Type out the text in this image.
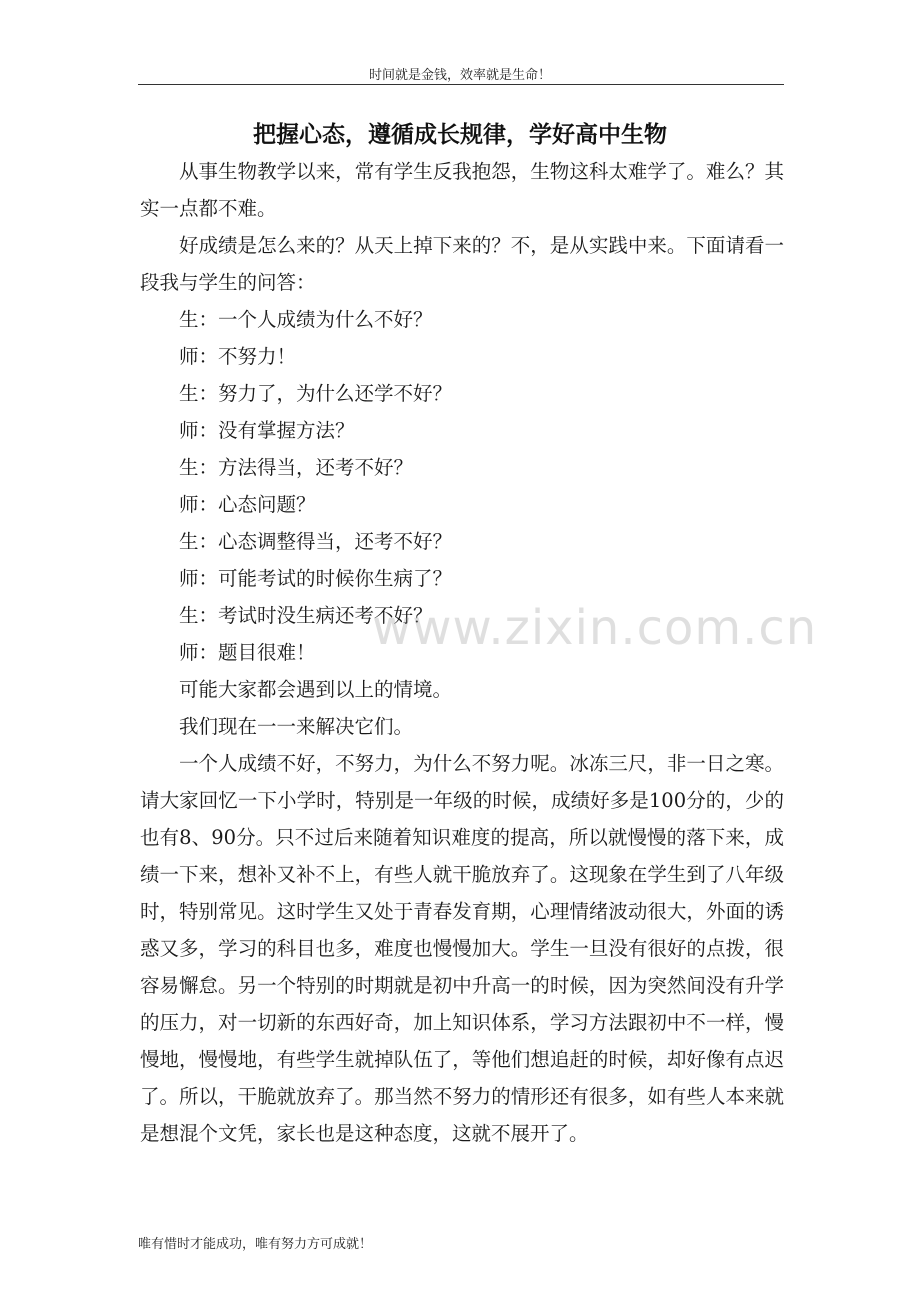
时间就是金钱，效率就是生命！
把握心态，遵循成长规律，学好高中生物

从事生物教学以来，常有学生反我抱怨，生物这科太难学了。难么？其实一点都不难。

好成绩是怎么来的？从天上掉下来的？不，是从实践中来。下面请看一段我与学生的问答：

生：一个人成绩为什么不好？

师：不努力！

生：努力了，为什么还学不好？

师：没有掌握方法？

生：方法得当，还考不好？

师：心态问题？

生：心态调整得当，还考不好？

师：可能考试的时候你生病了？

生：考试时没生病还考不好？

师：题目很难！

可能大家都会遇到以上的情境。

我们现在一一来解决它们。

一个人成绩不好，不努力，为什么不努力呢。冰冻三尺，非一日之寒。请大家回忆一下小学时，特别是一年级的时候，成绩好多是100分的，少的也有8、90分。只不过后来随着知识难度的提高，所以就慢慢的落下来，成绩一下来，想补又补不上，有些人就干脆放弃了。这现象在学生到了八年级时，特别常见。这时学生又处于青春发育期，心理情绪波动很大，外面的诱惑又多，学习的科目也多，难度也慢慢加大。学生一旦没有很好的点拨，很容易懈怠。另一个特别的时期就是初中升高一的时候，因为突然间没有升学的压力，对一切新的东西好奇，加上知识体系，学习方法跟初中不一样，慢慢地，慢慢地，有些学生就掉队伍了，等他们想追赶的时候，却好像有点迟了。所以，干脆就放弃了。那当然不努力的情形还有很多，如有些人本来就是想混个文凭，家长也是这种态度，这就不展开了。

www.zixin.com.cn
唯有惜时才能成功，唯有努力方可成就！
